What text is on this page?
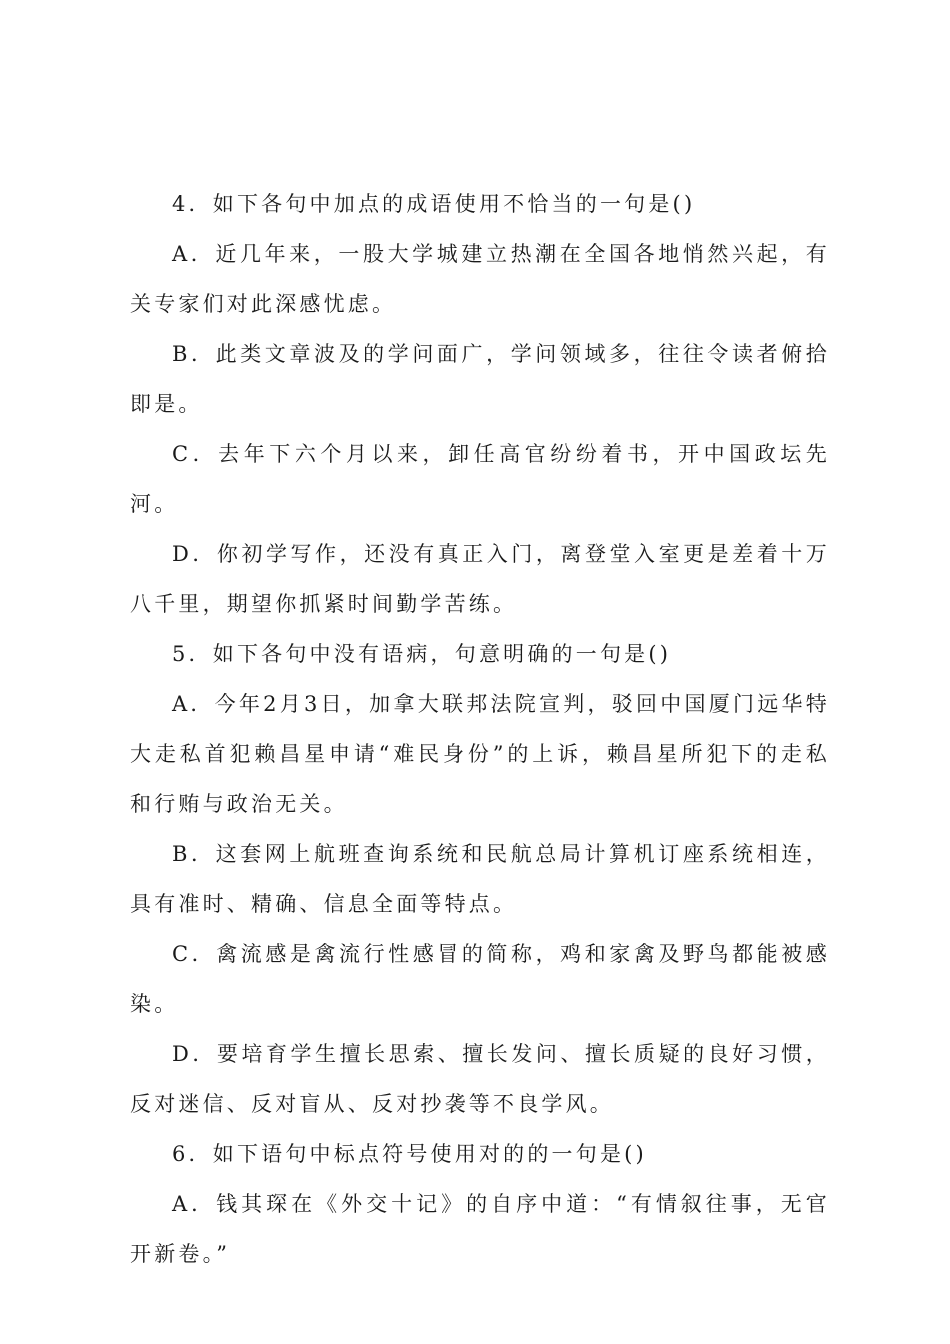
4．如下各句中加点的成语使用不恰当的一句是()

A．近几年来，一股大学城建立热潮在全国各地悄然兴起，有关专家们对此深感忧虑。

B．此类文章波及的学问面广，学问领域多，往往令读者俯拾即是。

C．去年下六个月以来，卸任高官纷纷着书，开中国政坛先河。

D．你初学写作，还没有真正入门，离登堂入室更是差着十万八千里，期望你抓紧时间勤学苦练。

5．如下各句中没有语病，句意明确的一句是()

A．今年2月3日，加拿大联邦法院宣判，驳回中国厦门远华特大走私首犯赖昌星申请“难民身份”的上诉，赖昌星所犯下的走私和行贿与政治无关。

B．这套网上航班查询系统和民航总局计算机订座系统相连，具有准时、精确、信息全面等特点。

C．禽流感是禽流行性感冒的简称，鸡和家禽及野鸟都能被感染。

D．要培育学生擅长思索、擅长发问、擅长质疑的良好习惯，反对迷信、反对盲从、反对抄袭等不良学风。

6．如下语句中标点符号使用对的的一句是()

A．钱其琛在《外交十记》的自序中道：“有情叙往事，无官开新卷。”
